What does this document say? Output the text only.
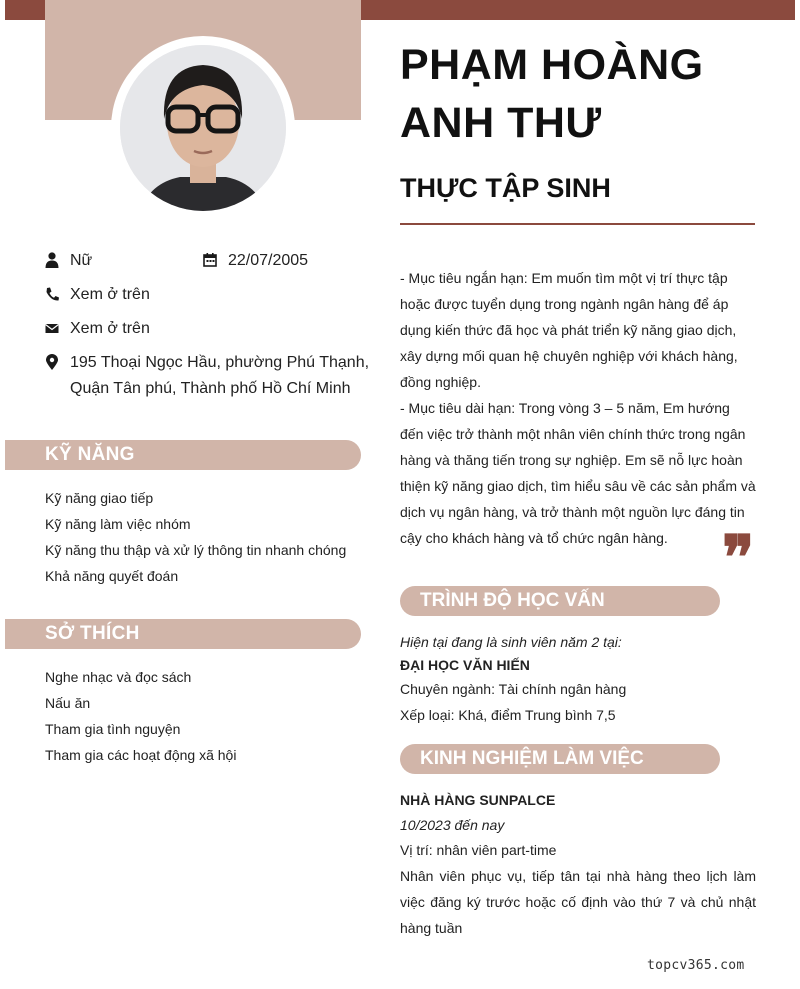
Nữ	22/07/2005
Xem ở trên
Xem ở trên
195 Thoại Ngọc Hầu, phường Phú Thạnh,
Quận Tân phú, Thành phố Hồ Chí Minh
KỸ NĂNG
Kỹ năng giao tiếp
Kỹ năng làm việc nhóm
Kỹ năng thu thập và xử lý thông tin nhanh chóng
Khả năng quyết đoán
SỞ THÍCH
Nghe nhạc và đọc sách
Nấu ăn
Tham gia tình nguyện
Tham gia các hoạt động xã hội
PHẠM HOÀNG
ANH THƯ
THỰC TẬP SINH

- Mục tiêu ngắn hạn: Em muốn tìm một vị trí thực tập hoặc được tuyển dụng trong ngành ngân hàng để áp dụng kiến thức đã học và phát triển kỹ năng giao dịch, xây dựng mối quan hệ chuyên nghiệp với khách hàng, đồng nghiệp.

- Mục tiêu dài hạn: Trong vòng 3 – 5 năm, Em hướng đến việc trở thành một nhân viên chính thức trong ngân hàng và thăng tiến trong sự nghiệp. Em sẽ nỗ lực hoàn thiện kỹ năng giao dịch, tìm hiểu sâu về các sản phẩm và dịch vụ ngân hàng, và trở thành một nguồn lực đáng tin cậy cho khách hàng và tổ chức ngân hàng. ❞
TRÌNH ĐỘ HỌC VẤN
Hiện tại đang là sinh viên năm 2 tại:
ĐẠI HỌC VĂN HIẾN
Chuyên ngành: Tài chính ngân hàng
Xếp loại: Khá, điểm Trung bình 7,5
KINH NGHIỆM LÀM VIỆC
NHÀ HÀNG SUNPALCE
10/2023 đến nay
Vị trí: nhân viên part-time
Nhân viên phục vụ, tiếp tân tại nhà hàng theo lịch làm việc đăng ký trước hoặc cố định vào thứ 7 và chủ nhật hàng tuần
topcv365.com
